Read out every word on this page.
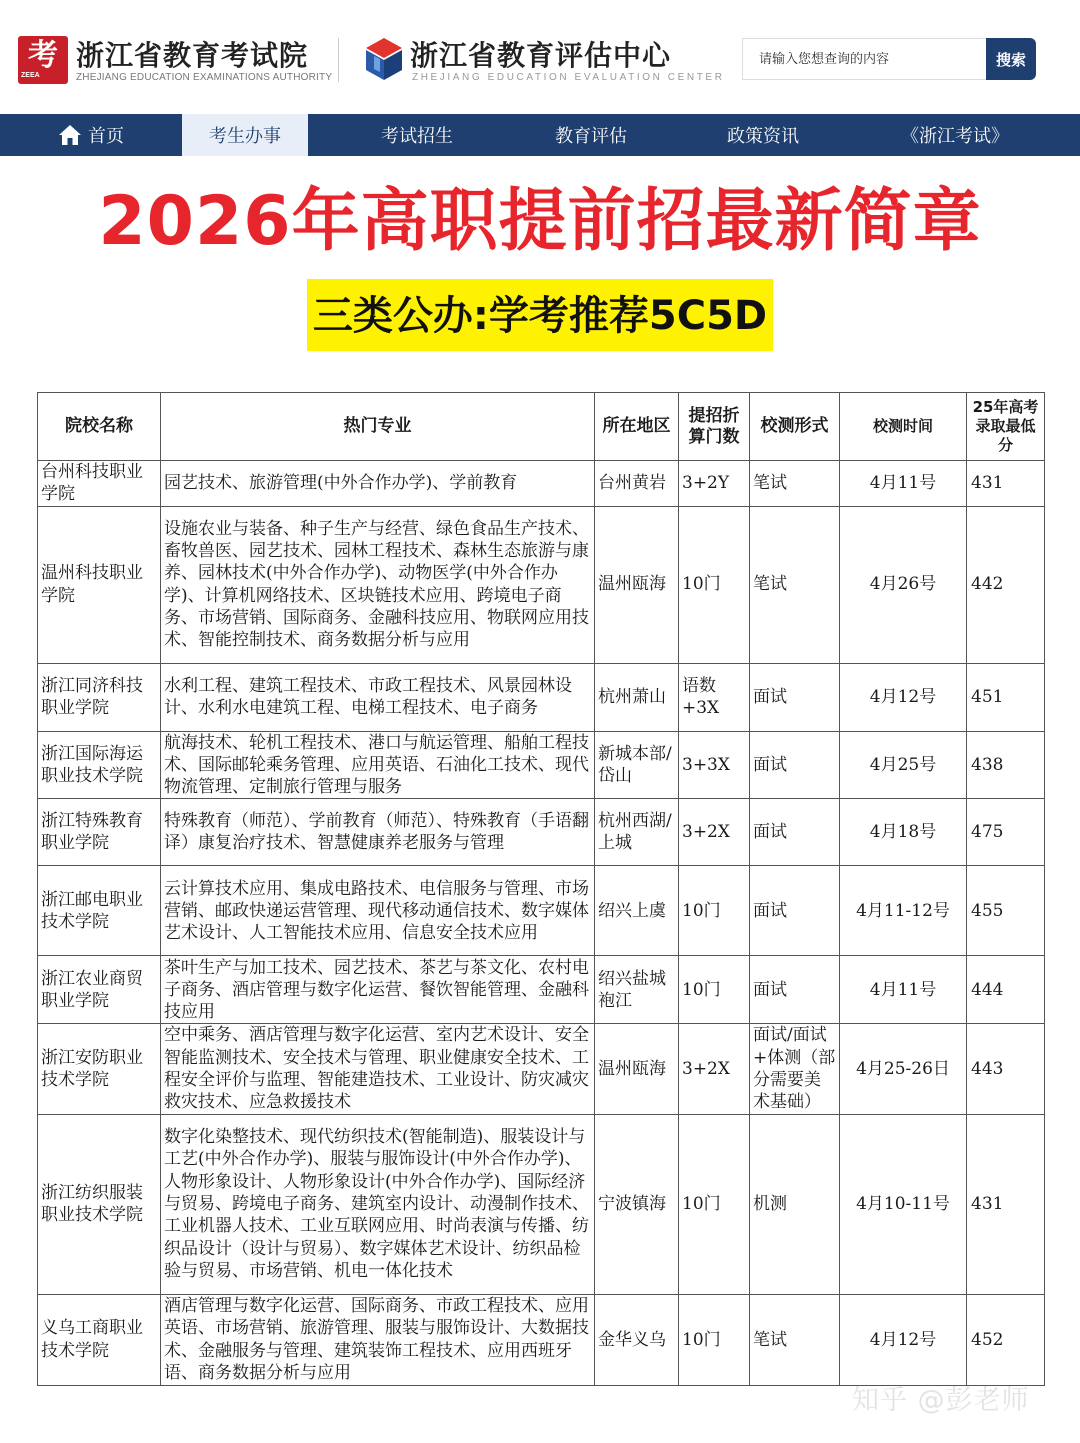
考
ZEEA
浙江省教育考试院
ZHEJIANG EDUCATION EXAMINATIONS AUTHORITY
浙江省教育评估中心
ZHEJIANG EDUCATION EVALUATION CENTER
请输入您想查询的内容
搜索
首页	考生办事	考试招生	教育评估	政策资讯	《浙江考试》
2026年高职提前招最新简章
三类公办:学考推荐5C5D
院校名称	热门专业	所在地区	提招折算门数	校测形式	校测时间	25年高考录取最低分
台州科技职业学院	园艺技术、旅游管理(中外合作办学)、学前教育	台州黄岩	3+2Y	笔试	4月11号	431
温州科技职业学院	设施农业与装备、种子生产与经营、绿色食品生产技术、畜牧兽医、园艺技术、园林工程技术、森林生态旅游与康养、园林技术(中外合作办学)、动物医学(中外合作办学)、计算机网络技术、区块链技术应用、跨境电子商务、市场营销、国际商务、金融科技应用、物联网应用技术、智能控制技术、商务数据分析与应用	温州瓯海	10门	笔试	4月26号	442
浙江同济科技职业学院	水利工程、建筑工程技术、市政工程技术、风景园林设计、水利水电建筑工程、电梯工程技术、电子商务	杭州萧山	语数+3X	面试	4月12号	451
浙江国际海运职业技术学院	航海技术、轮机工程技术、港口与航运管理、船舶工程技术、国际邮轮乘务管理、应用英语、石油化工技术、现代物流管理、定制旅行管理与服务	新城本部/岱山	3+3X	面试	4月25号	438
浙江特殊教育职业学院	特殊教育（师范）、学前教育（师范）、特殊教育（手语翻译）康复治疗技术、智慧健康养老服务与管理	杭州西湖/上城	3+2X	面试	4月18号	475
浙江邮电职业技术学院	云计算技术应用、集成电路技术、电信服务与管理、市场营销、邮政快递运营管理、现代移动通信技术、数字媒体艺术设计、人工智能技术应用、信息安全技术应用	绍兴上虞	10门	面试	4月11-12号	455
浙江农业商贸职业学院	茶叶生产与加工技术、园艺技术、茶艺与茶文化、农村电子商务、酒店管理与数字化运营、餐饮智能管理、金融科技应用	绍兴盐城袍江	10门	面试	4月11号	444
浙江安防职业技术学院	空中乘务、酒店管理与数字化运营、室内艺术设计、安全智能监测技术、安全技术与管理、职业健康安全技术、工程安全评价与监理、智能建造技术、工业设计、防灾减灾救灾技术、应急救援技术	温州瓯海	3+2X	面试/面试+体测（部分需要美术基础）	4月25-26日	443
浙江纺织服装职业技术学院	数字化染整技术、现代纺织技术(智能制造)、服装设计与工艺(中外合作办学)、服装与服饰设计(中外合作办学)、人物形象设计、人物形象设计(中外合作办学)、国际经济与贸易、跨境电子商务、建筑室内设计、动漫制作技术、工业机器人技术、工业互联网应用、时尚表演与传播、纺织品设计（设计与贸易）、数字媒体艺术设计、纺织品检验与贸易、市场营销、机电一体化技术	宁波镇海	10门	机测	4月10-11号	431
义乌工商职业技术学院	酒店管理与数字化运营、国际商务、市政工程技术、应用英语、市场营销、旅游管理、服装与服饰设计、大数据技术、金融服务与管理、建筑装饰工程技术、应用西班牙语、商务数据分析与应用	金华义乌	10门	笔试	4月12号	452
知乎 @彭老师
